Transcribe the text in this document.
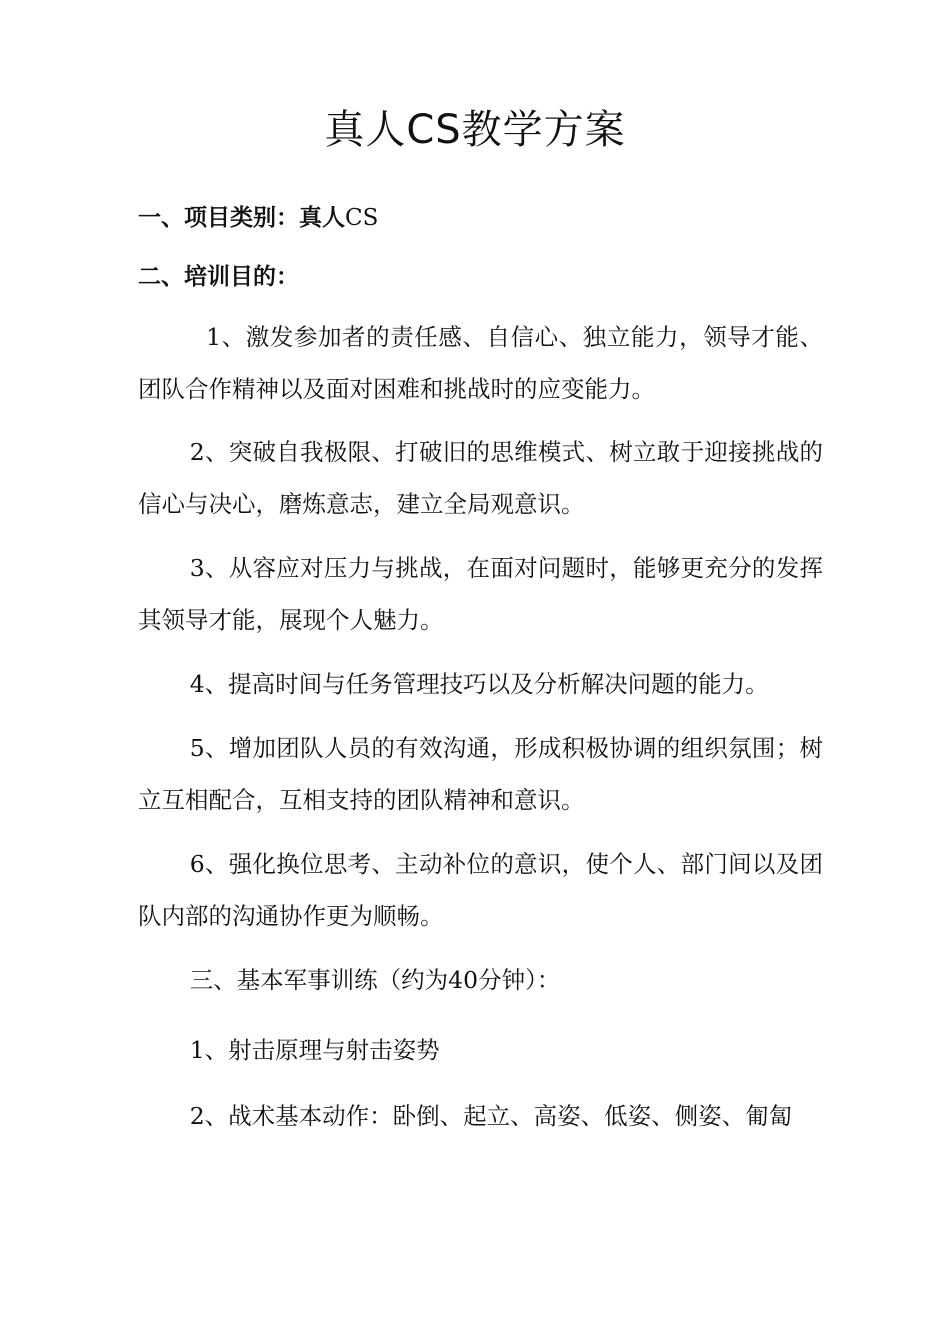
真人CS教学方案
一、项目类别：真人CS
二、培训目的：

1、激发参加者的责任感、自信心、独立能力，领导才能、团队合作精神以及面对困难和挑战时的应变能力。

2、突破自我极限、打破旧的思维模式、树立敢于迎接挑战的信心与决心，磨炼意志，建立全局观意识。

3、从容应对压力与挑战，在面对问题时，能够更充分的发挥其领导才能，展现个人魅力。

4、提高时间与任务管理技巧以及分析解决问题的能力。

5、增加团队人员的有效沟通，形成积极协调的组织氛围；树立互相配合，互相支持的团队精神和意识。

6、强化换位思考、主动补位的意识，使个人、部门间以及团队内部的沟通协作更为顺畅。

三、基本军事训练（约为40分钟）：

1、射击原理与射击姿势

2、战术基本动作：卧倒、起立、高姿、低姿、侧姿、匍匐
